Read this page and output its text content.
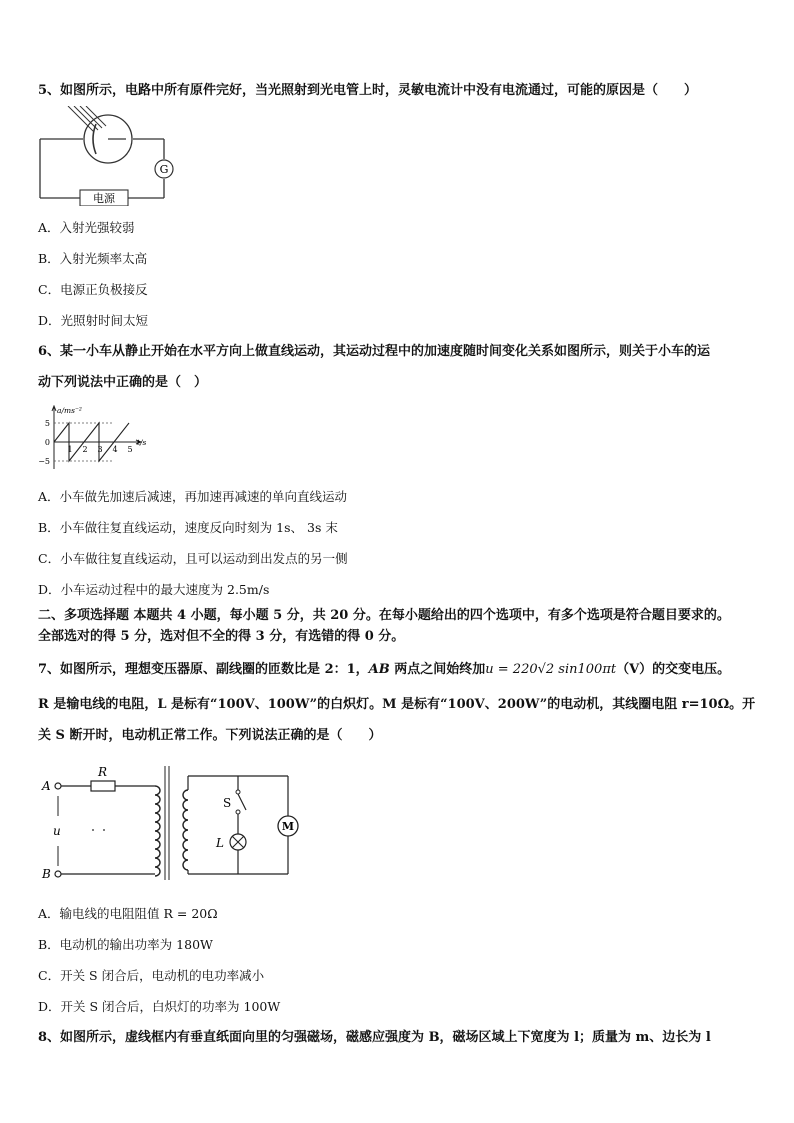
5、如图所示，电路中所有原件完好，当光照射到光电管上时，灵敏电流计中没有电流通过，可能的原因是（　　）
G
电源
A．入射光强较弱
B．入射光频率太高
C．电源正负极接反
D．光照射时间太短
6、某一小车从静止开始在水平方向上做直线运动，其运动过程中的加速度随时间变化关系如图所示，则关于小车的运
动下列说法中正确的是（　）
5
0
−5
1 2 3 4 5
a/ms⁻²
t/s
A．小车做先加速后减速，再加速再减速的单向直线运动
B．小车做往复直线运动，速度反向时刻为 1s、 3s 末
C．小车做往复直线运动，且可以运动到出发点的另一侧
D．小车运动过程中的最大速度为 2.5m/s
二、多项选择题 本题共 4 小题，每小题 5 分，共 20 分。在每小题给出的四个选项中，有多个选项是符合题目要求的。
全部选对的得 5 分，选对但不全的得 3 分，有选错的得 0 分。
7、如图所示，理想变压器原、副线圈的匝数比是 2：1，AB 两点之间始终加u = 220√2 sin100πt（V）的交变电压。
R 是输电线的电阻，L 是标有“100V、100W”的白炽灯。M 是标有“100V、200W”的电动机，其线圈电阻 r=10Ω。开
关 S 断开时，电动机正常工作。下列说法正确的是（　　）
A
B
u
R
S
L
M
A．输电线的电阻阻值 R = 20Ω
B．电动机的输出功率为 180W
C．开关 S 闭合后，电动机的电功率减小
D．开关 S 闭合后，白炽灯的功率为 100W
8、如图所示，虚线框内有垂直纸面向里的匀强磁场，磁感应强度为 B，磁场区域上下宽度为 l；质量为 m、边长为 l
